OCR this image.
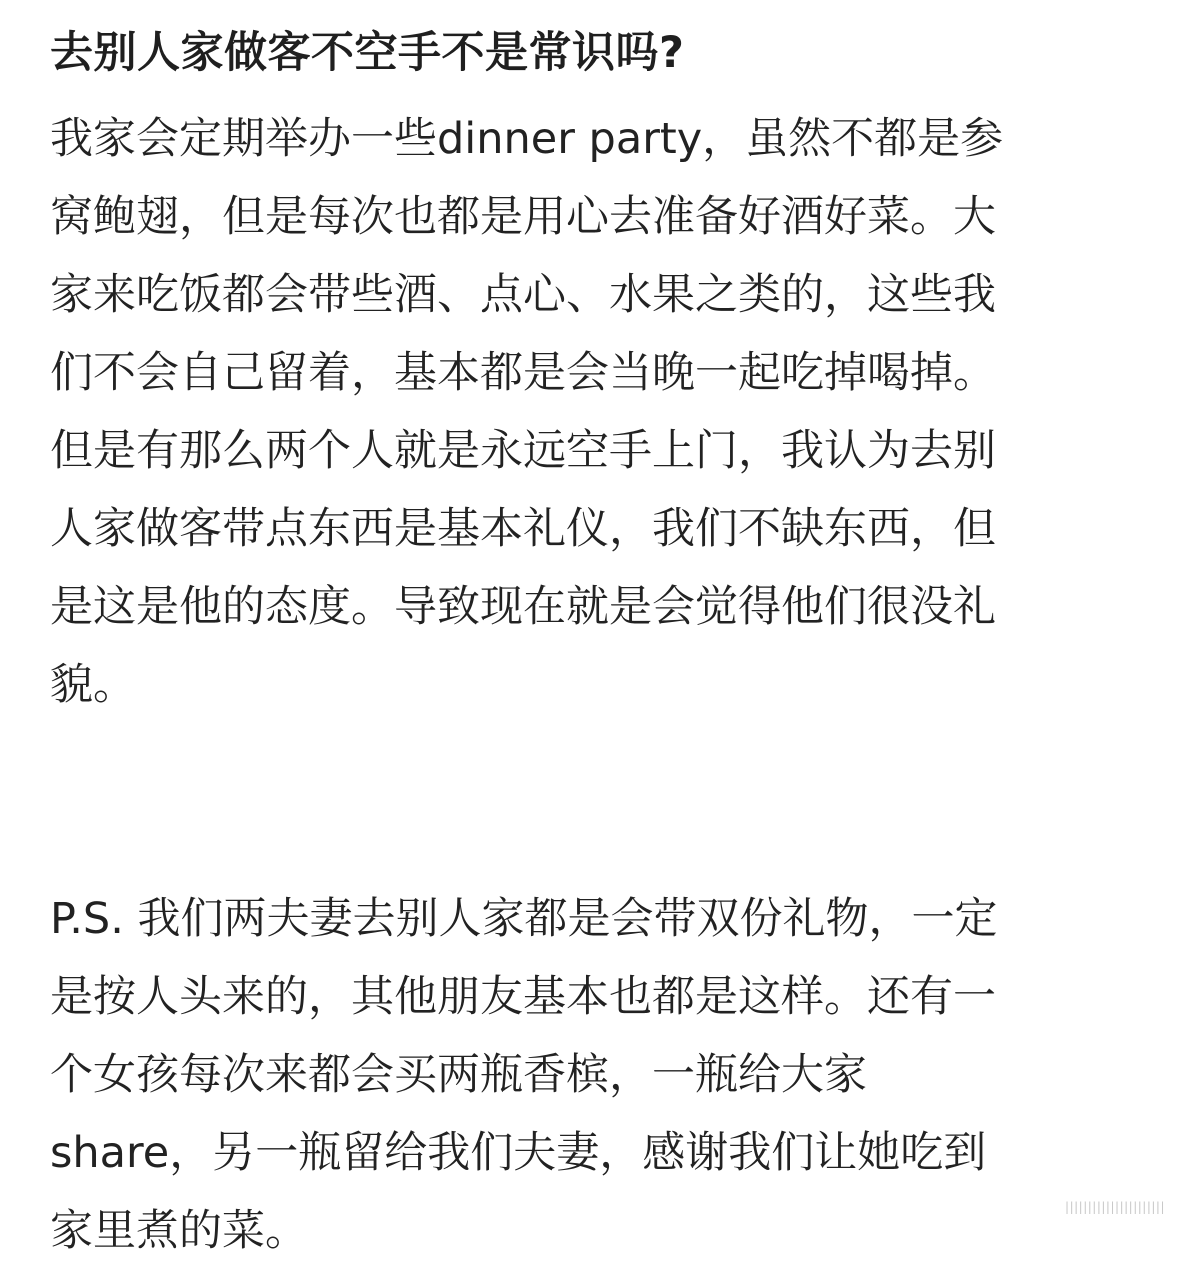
去别人家做客不空手不是常识吗?
我家会定期举办一些dinner party，虽然不都是参
窝鲍翅，但是每次也都是用心去准备好酒好菜。大
家来吃饭都会带些酒、点心、水果之类的，这些我
们不会自己留着，基本都是会当晚一起吃掉喝掉。
但是有那么两个人就是永远空手上门，我认为去别
人家做客带点东西是基本礼仪，我们不缺东西，但
是这是他的态度。导致现在就是会觉得他们很没礼
貌。
P.S. 我们两夫妻去别人家都是会带双份礼物，一定
是按人头来的，其他朋友基本也都是这样。还有一
个女孩每次来都会买两瓶香槟，一瓶给大家
share，另一瓶留给我们夫妻，感谢我们让她吃到
家里煮的菜。	||||||||||||||||||||||
